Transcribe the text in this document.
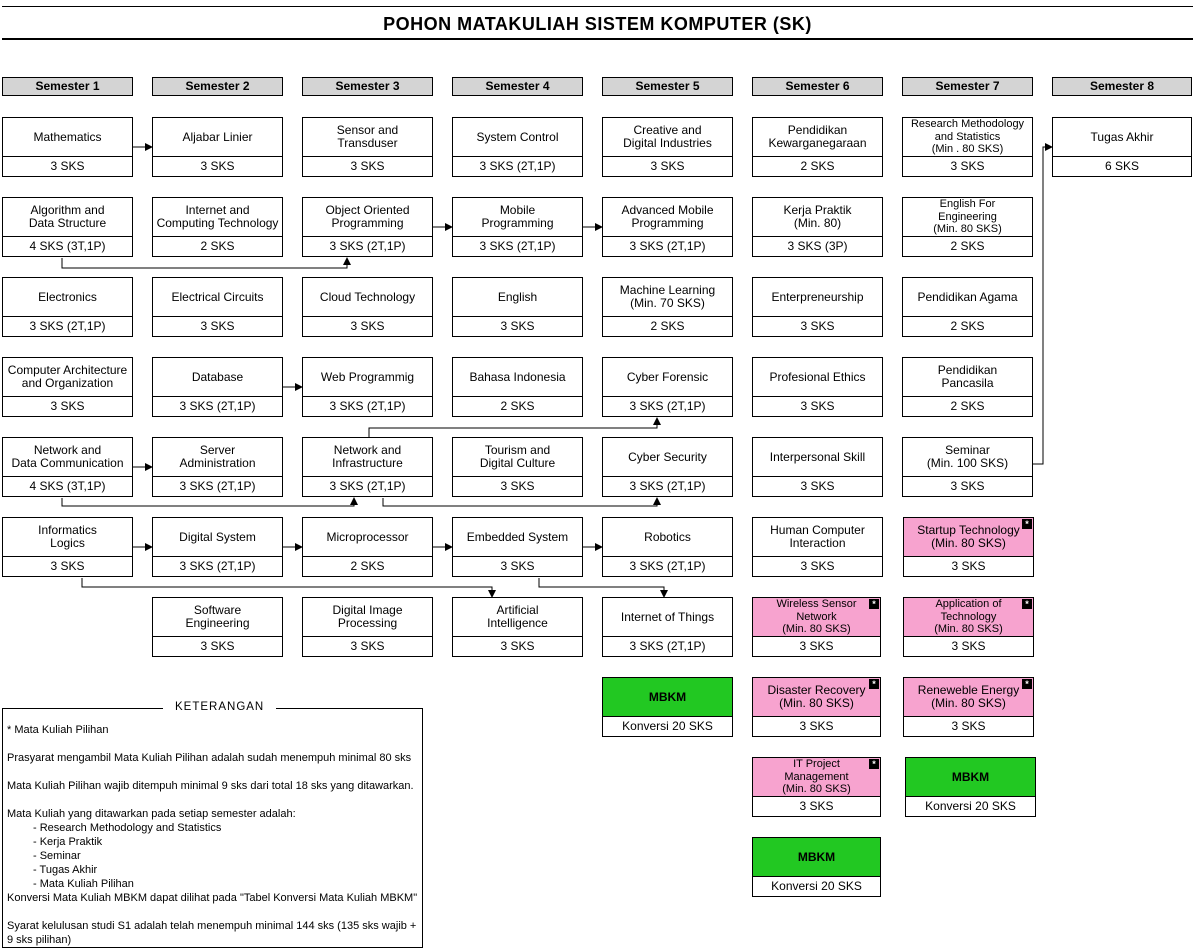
POHON MATAKULIAH SISTEM KOMPUTER (SK)
Semester 1	Semester 2	Semester 3	Semester 4	Semester 5	Semester 6	Semester 7	Semester 8
Mathematics
3 SKS
Algorithm and
Data Structure
4 SKS (3T,1P)
Electronics
3 SKS (2T,1P)
Computer Architecture
and Organization
3 SKS
Network and
Data Communication
4 SKS (3T,1P)
Informatics
Logics
3 SKS
Aljabar Linier
3 SKS
Internet and
Computing Technology
2 SKS
Electrical Circuits
3 SKS
Database
3 SKS (2T,1P)
Server
Administration
3 SKS (2T,1P)
Digital System
3 SKS (2T,1P)
Software
Engineering
3 SKS
Sensor and
Transduser
3 SKS
Object Oriented
Programming
3 SKS (2T,1P)
Cloud Technology
3 SKS
Web Programmig
3 SKS (2T,1P)
Network and
Infrastructure
3 SKS (2T,1P)
Microprocessor
2 SKS
Digital Image
Processing
3 SKS
System Control
3 SKS (2T,1P)
Mobile
Programming
3 SKS (2T,1P)
English
3 SKS
Bahasa Indonesia
2 SKS
Tourism and
Digital Culture
3 SKS
Embedded System
3 SKS
Artificial
Intelligence
3 SKS
Creative and
Digital Industries
3 SKS
Advanced Mobile
Programming
3 SKS (2T,1P)
Machine Learning
(Min. 70 SKS)
2 SKS
Cyber Forensic
3 SKS (2T,1P)
Cyber Security
3 SKS (2T,1P)
Robotics
3 SKS (2T,1P)
Internet of Things
3 SKS (2T,1P)
MBKM
Konversi 20 SKS
Pendidikan
Kewarganegaraan
2 SKS
Kerja Praktik
(Min. 80)
3 SKS (3P)
Enterpreneurship
3 SKS
Profesional Ethics
3 SKS
Interpersonal Skill
3 SKS
Human Computer
Interaction
3 SKS
Wireless Sensor
Network
(Min. 80 SKS)
*
3 SKS
Disaster Recovery
(Min. 80 SKS)
*
3 SKS
IT Project
Management
(Min. 80 SKS)
*
3 SKS
MBKM
Konversi 20 SKS
Research Methodology
and Statistics
(Min . 80 SKS)
3 SKS
English For
Engineering
(Min. 80 SKS)
2 SKS
Pendidikan Agama
2 SKS
Pendidikan
Pancasila
2 SKS
Seminar
(Min. 100 SKS)
3 SKS
Startup Technology
(Min. 80 SKS)
*
3 SKS
Application of
Technology
(Min. 80 SKS)
*
3 SKS
Reneweble Energy
(Min. 80 SKS)
*
3 SKS
MBKM
Konversi 20 SKS
Tugas Akhir
6 SKS
KETERANGAN

* Mata Kuliah Pilihan

Prasyarat mengambil Mata Kuliah Pilihan adalah sudah menempuh minimal 80 sks

Mata Kuliah Pilihan wajib ditempuh minimal 9 sks dari total 18 sks yang ditawarkan.

Mata Kuliah yang ditawarkan pada setiap semester adalah:

- Research Methodology and Statistics

- Kerja Praktik

- Seminar

- Tugas Akhir

- Mata Kuliah Pilihan

Konversi Mata Kuliah MBKM dapat dilihat pada "Tabel Konversi Mata Kuliah MBKM"

Syarat kelulusan studi S1 adalah telah menempuh minimal 144 sks (135 sks wajib + 9 sks pilihan)
